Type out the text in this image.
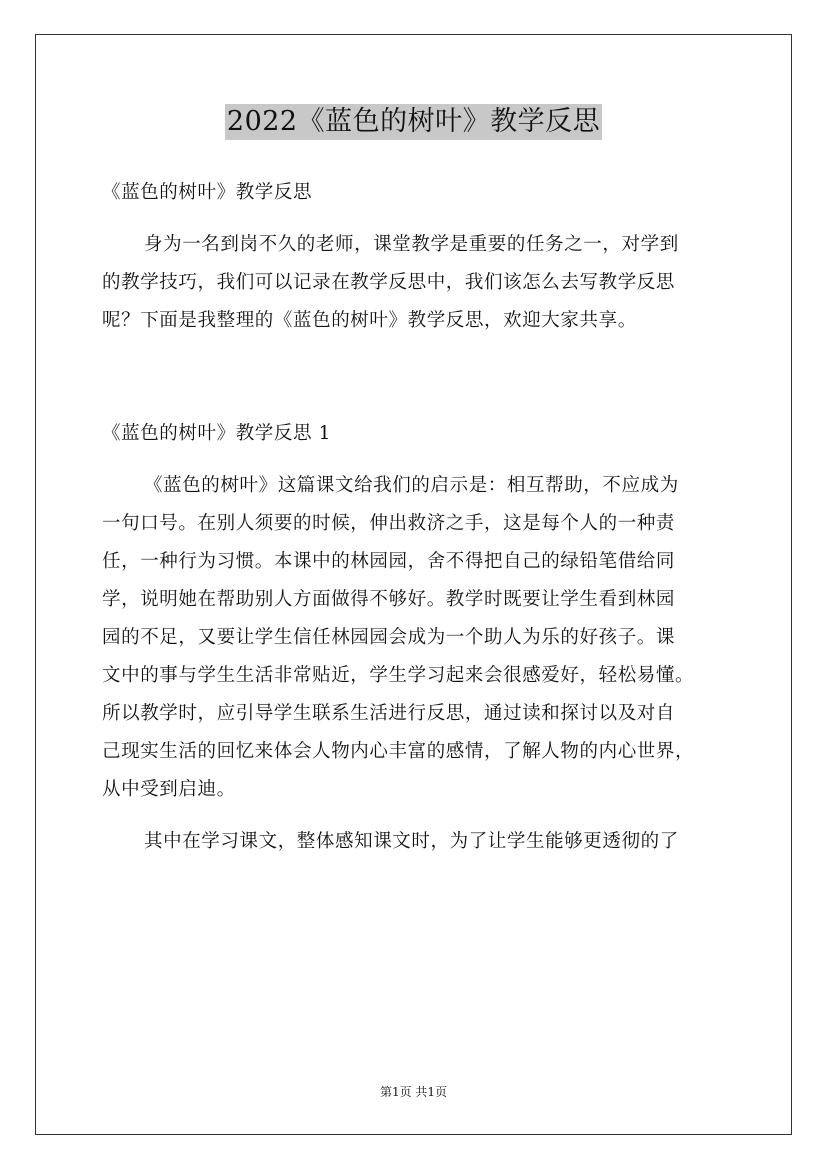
2022《蓝色的树叶》教学反思
《蓝色的树叶》教学反思
身为一名到岗不久的老师，课堂教学是重要的任务之一，对学到
的教学技巧，我们可以记录在教学反思中，我们该怎么去写教学反思
呢？下面是我整理的《蓝色的树叶》教学反思，欢迎大家共享。
《蓝色的树叶》教学反思 1
《蓝色的树叶》这篇课文给我们的启示是：相互帮助，不应成为
一句口号。在别人须要的时候，伸出救济之手，这是每个人的一种责
任，一种行为习惯。本课中的林园园，舍不得把自己的绿铅笔借给同
学，说明她在帮助别人方面做得不够好。教学时既要让学生看到林园
园的不足，又要让学生信任林园园会成为一个助人为乐的好孩子。课
文中的事与学生生活非常贴近，学生学习起来会很感爱好，轻松易懂。
所以教学时，应引导学生联系生活进行反思，通过读和探讨以及对自
己现实生活的回忆来体会人物内心丰富的感情，了解人物的内心世界，
从中受到启迪。
其中在学习课文，整体感知课文时，为了让学生能够更透彻的了
第1页 共1页
